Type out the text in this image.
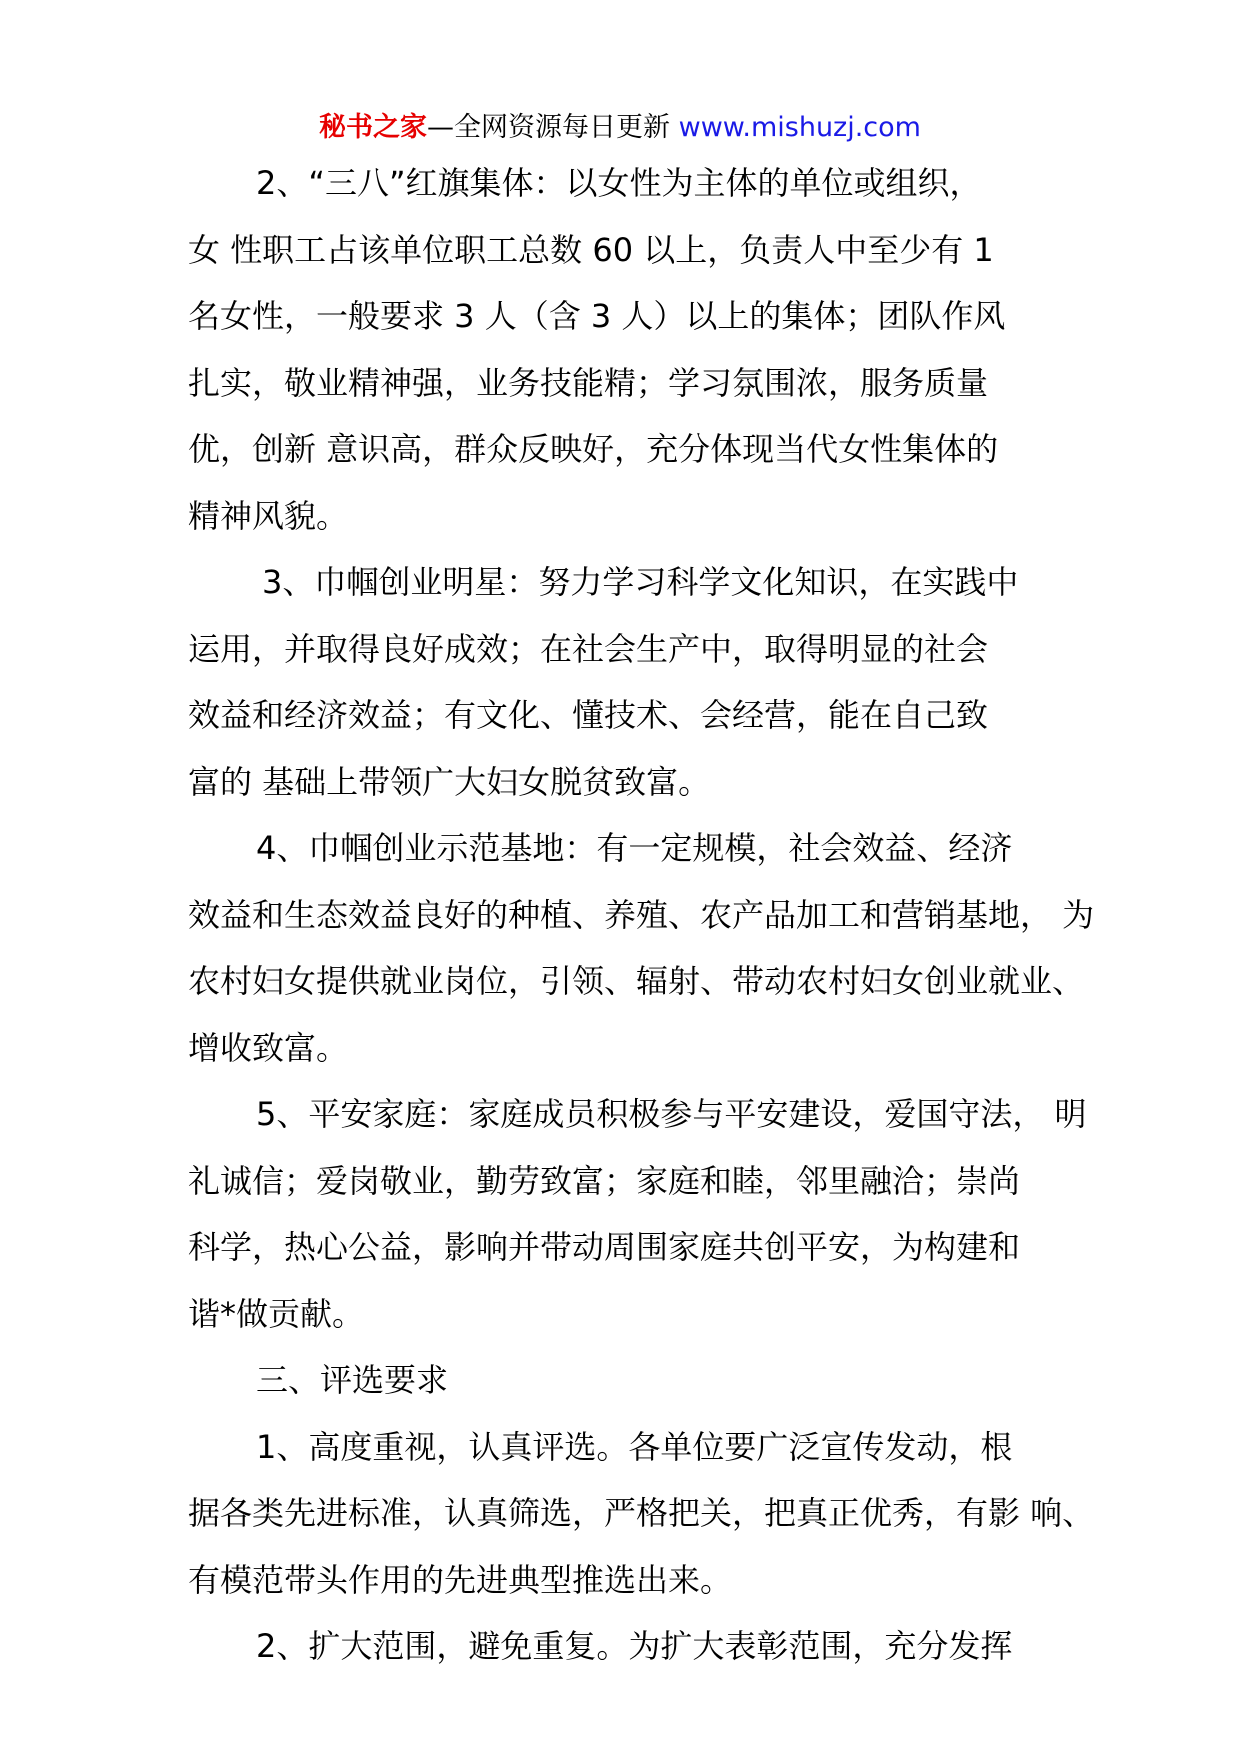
秘书之家—全网资源每日更新 www.mishuzj.com
2、“三八”红旗集体：以女性为主体的单位或组织，
女 性职工占该单位职工总数 60 以上，负责人中至少有 1
名女性，一般要求 3 人（含 3 人）以上的集体；团队作风
扎实，敬业精神强，业务技能精；学习氛围浓，服务质量
优，创新 意识高，群众反映好，充分体现当代女性集体的
精神风貌。
3、巾帼创业明星：努力学习科学文化知识，在实践中
运用，并取得良好成效；在社会生产中，取得明显的社会
效益和经济效益；有文化、懂技术、会经营，能在自己致
富的 基础上带领广大妇女脱贫致富。
4、巾帼创业示范基地：有一定规模，社会效益、经济
效益和生态效益良好的种植、养殖、农产品加工和营销基地， 为
农村妇女提供就业岗位，引领、辐射、带动农村妇女创业就业、
增收致富。
5、平安家庭：家庭成员积极参与平安建设，爱国守法， 明
礼诚信；爱岗敬业，勤劳致富；家庭和睦，邻里融洽；崇尚
科学，热心公益，影响并带动周围家庭共创平安，为构建和
谐*做贡献。
三、评选要求
1、高度重视，认真评选。各单位要广泛宣传发动，根
据各类先进标准，认真筛选，严格把关，把真正优秀，有影 响、
有模范带头作用的先进典型推选出来。
2、扩大范围，避免重复。为扩大表彰范围，充分发挥
